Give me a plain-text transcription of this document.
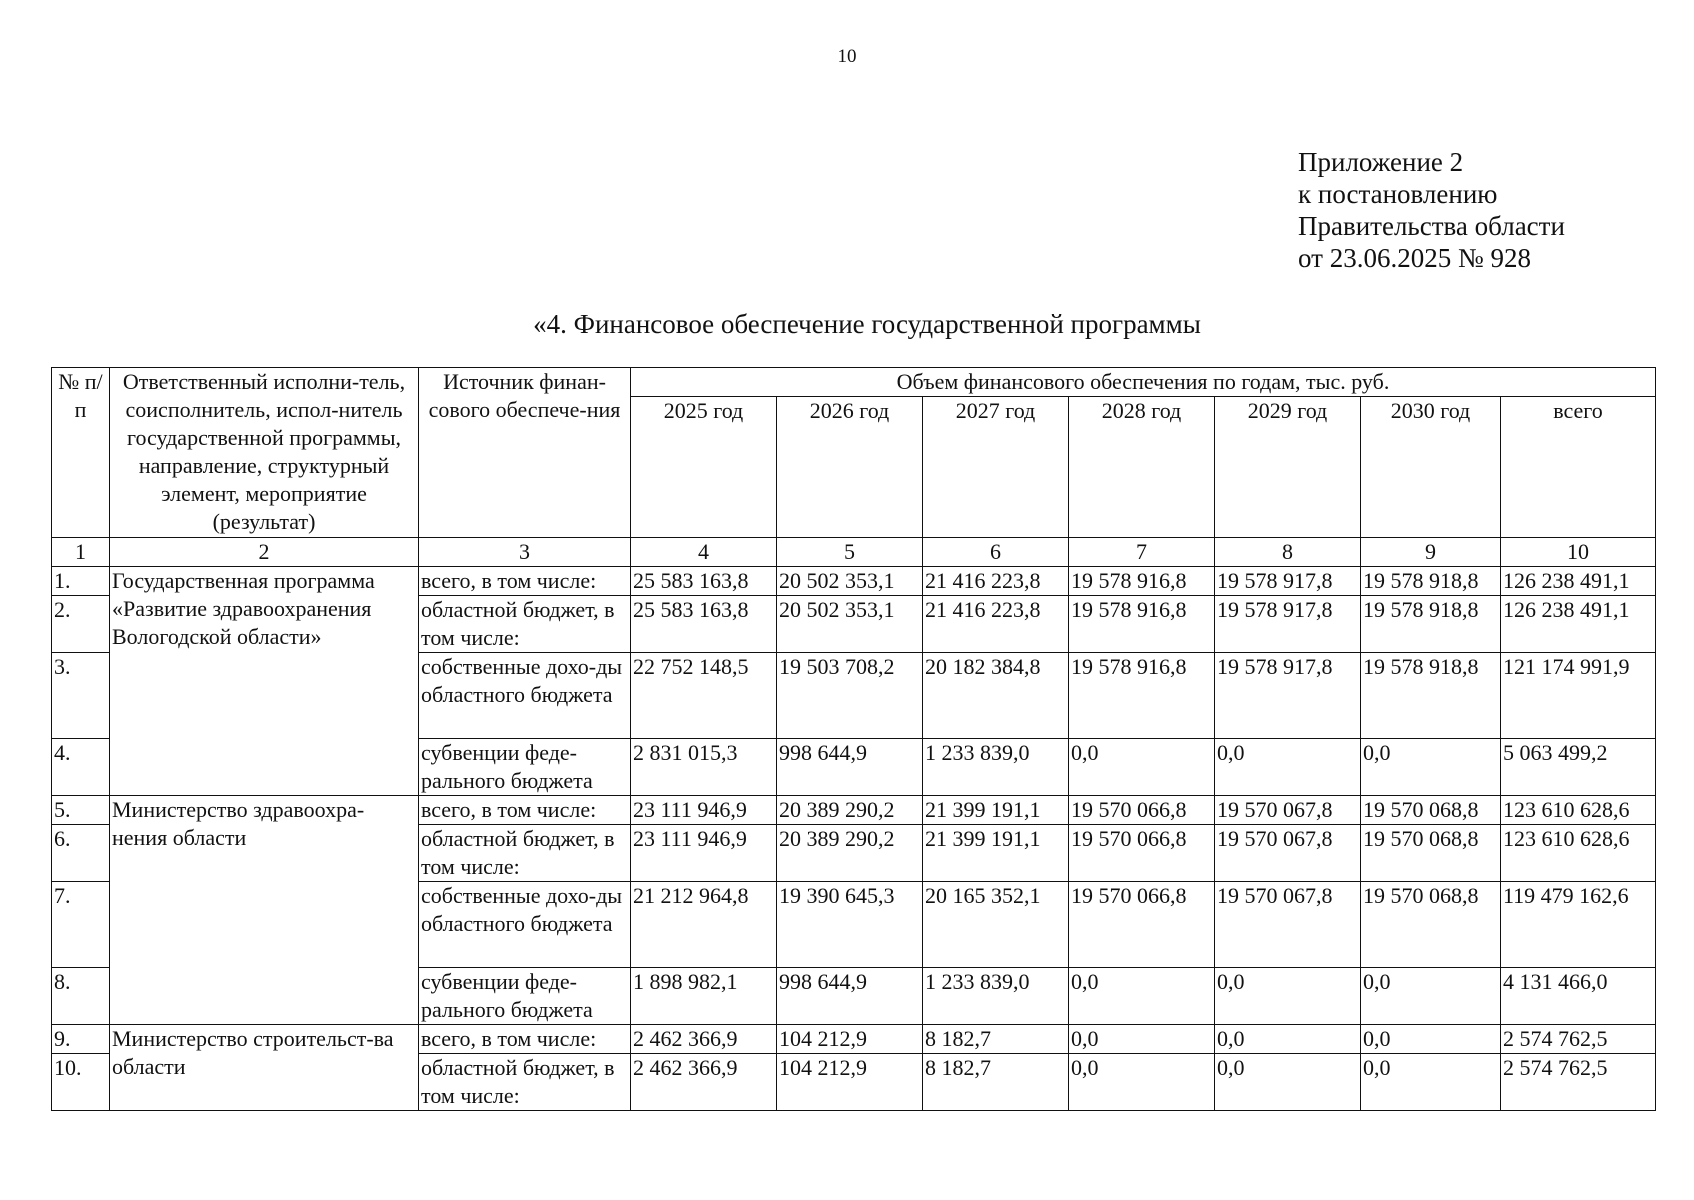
10
Приложение 2
к постановлению
Правительства области
от 23.06.2025 № 928
«4. Финансовое обеспечение государственной программы
№ п/п	Ответственный исполни-тель, соисполнитель, испол-нитель государственной программы, направление, структурный элемент, мероприятие (результат)	Источник финан-сового обеспече-ния	Объем финансового обеспечения по годам, тыс. руб.						
			2025 год	2026 год	2027 год	2028 год	2029 год	2030 год	всего
1	2	3	4	5	6	7	8	9	10
1.	Государственная программа «Развитие здравоохранения Вологодской области»	всего, в том числе:	25 583 163,8	20 502 353,1	21 416 223,8	19 578 916,8	19 578 917,8	19 578 918,8	126 238 491,1
2.		областной бюджет, в том числе:	25 583 163,8	20 502 353,1	21 416 223,8	19 578 916,8	19 578 917,8	19 578 918,8	126 238 491,1
3.		собственные дохо-ды областного бюджета	22 752 148,5	19 503 708,2	20 182 384,8	19 578 916,8	19 578 917,8	19 578 918,8	121 174 991,9
4.		субвенции феде-рального бюджета	2 831 015,3	998 644,9	1 233 839,0	0,0	0,0	0,0	5 063 499,2
5.	Министерство здравоохра-нения области	всего, в том числе:	23 111 946,9	20 389 290,2	21 399 191,1	19 570 066,8	19 570 067,8	19 570 068,8	123 610 628,6
6.		областной бюджет, в том числе:	23 111 946,9	20 389 290,2	21 399 191,1	19 570 066,8	19 570 067,8	19 570 068,8	123 610 628,6
7.		собственные дохо-ды областного бюджета	21 212 964,8	19 390 645,3	20 165 352,1	19 570 066,8	19 570 067,8	19 570 068,8	119 479 162,6
8.		субвенции феде-рального бюджета	1 898 982,1	998 644,9	1 233 839,0	0,0	0,0	0,0	4 131 466,0
9.	Министерство строительст-ва области	всего, в том числе:	2 462 366,9	104 212,9	8 182,7	0,0	0,0	0,0	2 574 762,5
10.		областной бюджет, в том числе:	2 462 366,9	104 212,9	8 182,7	0,0	0,0	0,0	2 574 762,5
